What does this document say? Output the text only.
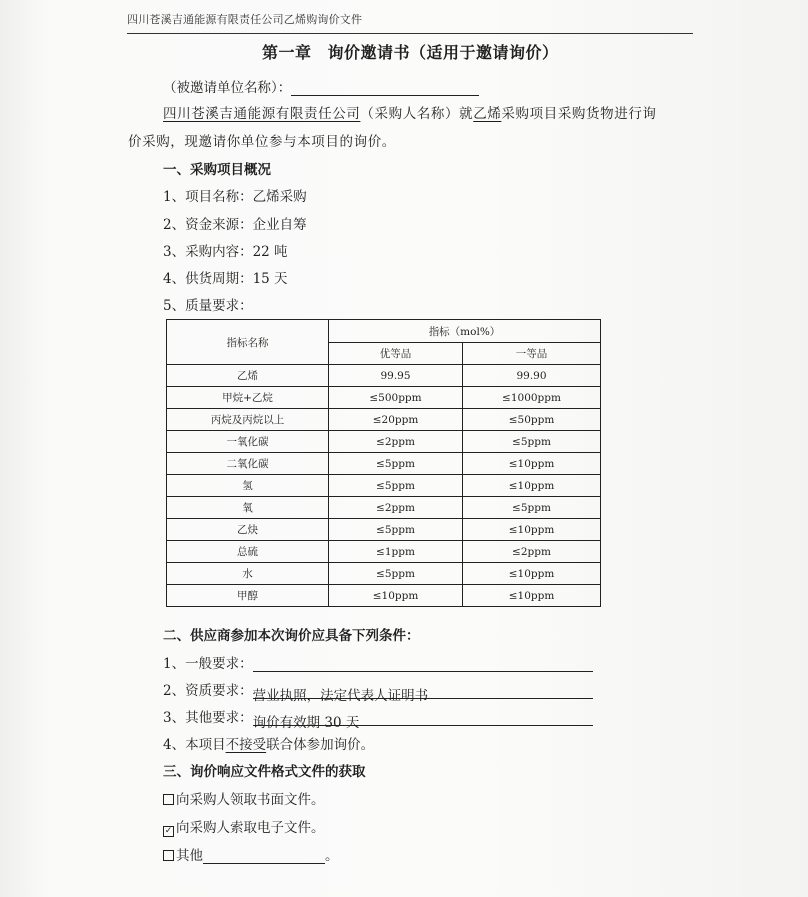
四川苍溪吉通能源有限责任公司乙烯购询价文件
第一章 询价邀请书（适用于邀请询价）
（被邀请单位名称）：
四川苍溪吉通能源有限责任公司（采购人名称）就乙烯采购项目采购货物进行询
价采购，现邀请你单位参与本项目的询价。
一、采购项目概况
1、项目名称：乙烯采购
2、资金来源：企业自筹
3、采购内容：22 吨
4、供货周期：15 天
5、质量要求：
指标名称	指标（mol%）	
	优等品	一等品
乙烯	99.95	99.90
甲烷+乙烷	≤500ppm	≤1000ppm
丙烷及丙烷以上	≤20ppm	≤50ppm
一氧化碳	≤2ppm	≤5ppm
二氧化碳	≤5ppm	≤10ppm
氢	≤5ppm	≤10ppm
氧	≤2ppm	≤5ppm
乙炔	≤5ppm	≤10ppm
总硫	≤1ppm	≤2ppm
水	≤5ppm	≤10ppm
甲醇	≤10ppm	≤10ppm
二、供应商参加本次询价应具备下列条件：
1、一般要求：
2、资质要求：营业执照，法定代表人证明书
3、其他要求：询价有效期 30 天
4、本项目不接受联合体参加询价。
三、询价响应文件格式文件的获取
向采购人领取书面文件。
✓ 向采购人索取电子文件。
其他	。
